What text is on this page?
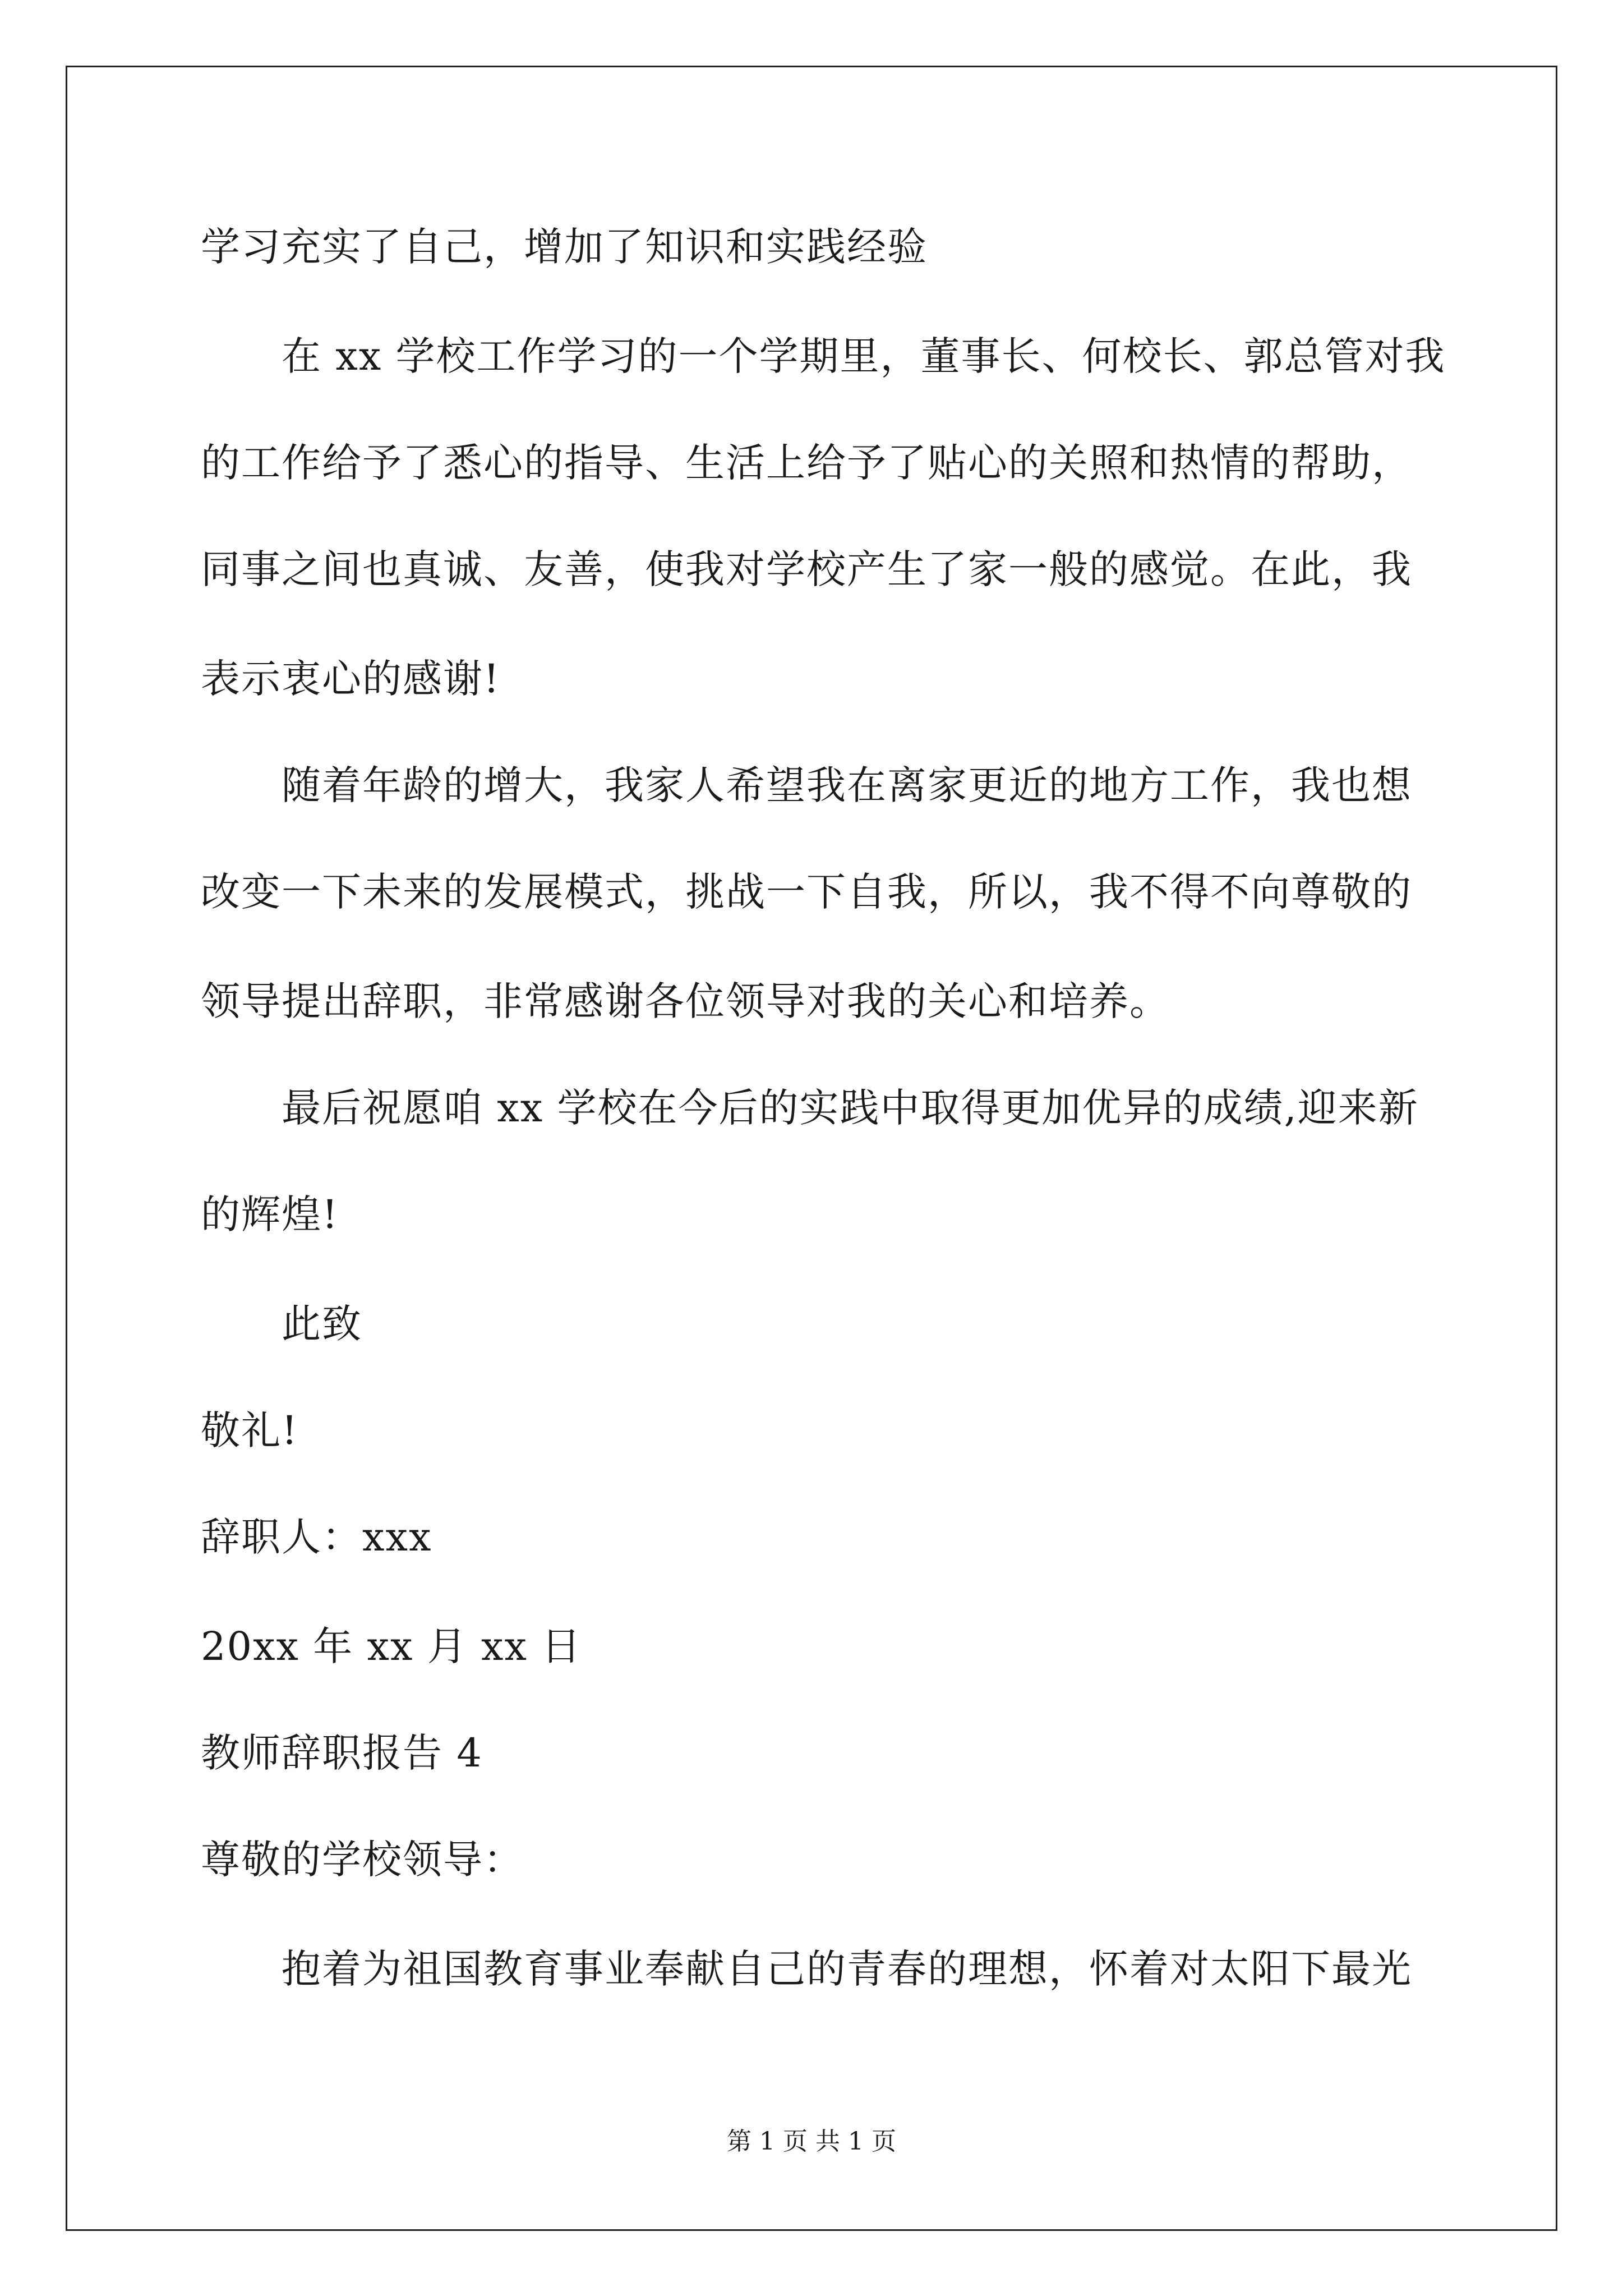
学习充实了自己，增加了知识和实践经验
在 xx 学校工作学习的一个学期里，董事长、何校长、郭总管对我
的工作给予了悉心的指导、生活上给予了贴心的关照和热情的帮助，
同事之间也真诚、友善，使我对学校产生了家一般的感觉。在此，我
表示衷心的感谢!
随着年龄的增大，我家人希望我在离家更近的地方工作，我也想
改变一下未来的发展模式，挑战一下自我，所以，我不得不向尊敬的
领导提出辞职，非常感谢各位领导对我的关心和培养。
最后祝愿咱 xx 学校在今后的实践中取得更加优异的成绩,迎来新
的辉煌!
此致
敬礼!
辞职人：xxx
20xx 年 xx 月 xx 日
教师辞职报告 4
尊敬的学校领导：
抱着为祖国教育事业奉献自己的青春的理想，怀着对太阳下最光
第 1 页 共 1 页
